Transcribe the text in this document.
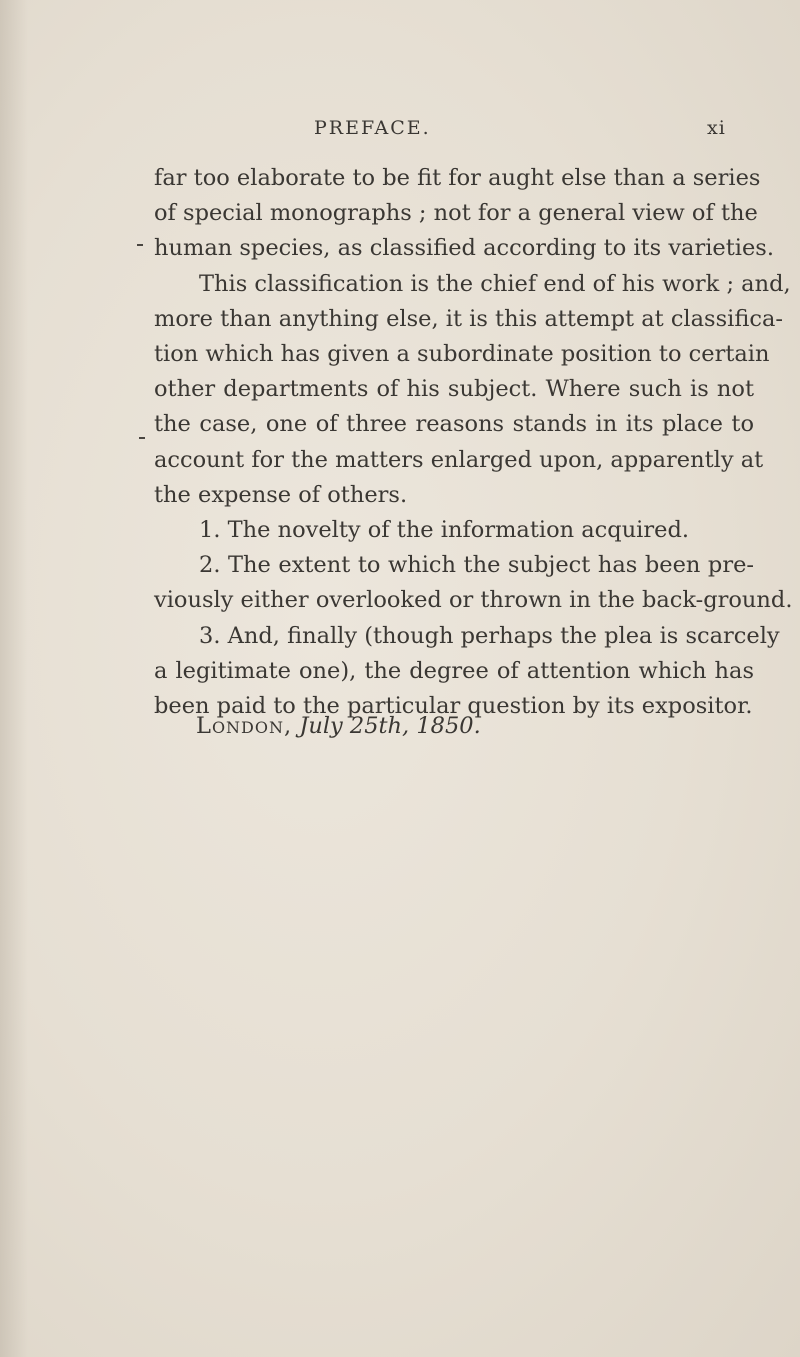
PREFACE.	xi
far too elaborate to be fit for aught else than a series
of special monographs ; not for a general view of the
human species, as classified according to its varieties.
This classification is the chief end of his work ; and,
more than anything else, it is this attempt at classifica-
tion which has given a subordinate position to certain
other departments of his subject. Where such is not
the case, one of three reasons stands in its place to
account for the matters enlarged upon, apparently at
the expense of others.
1. The novelty of the information acquired.
2. The extent to which the subject has been pre-
viously either overlooked or thrown in the back-ground.
3. And, finally (though perhaps the plea is scarcely
a legitimate one), the degree of attention which has
been paid to the particular question by its expositor.
London, July 25th, 1850.
